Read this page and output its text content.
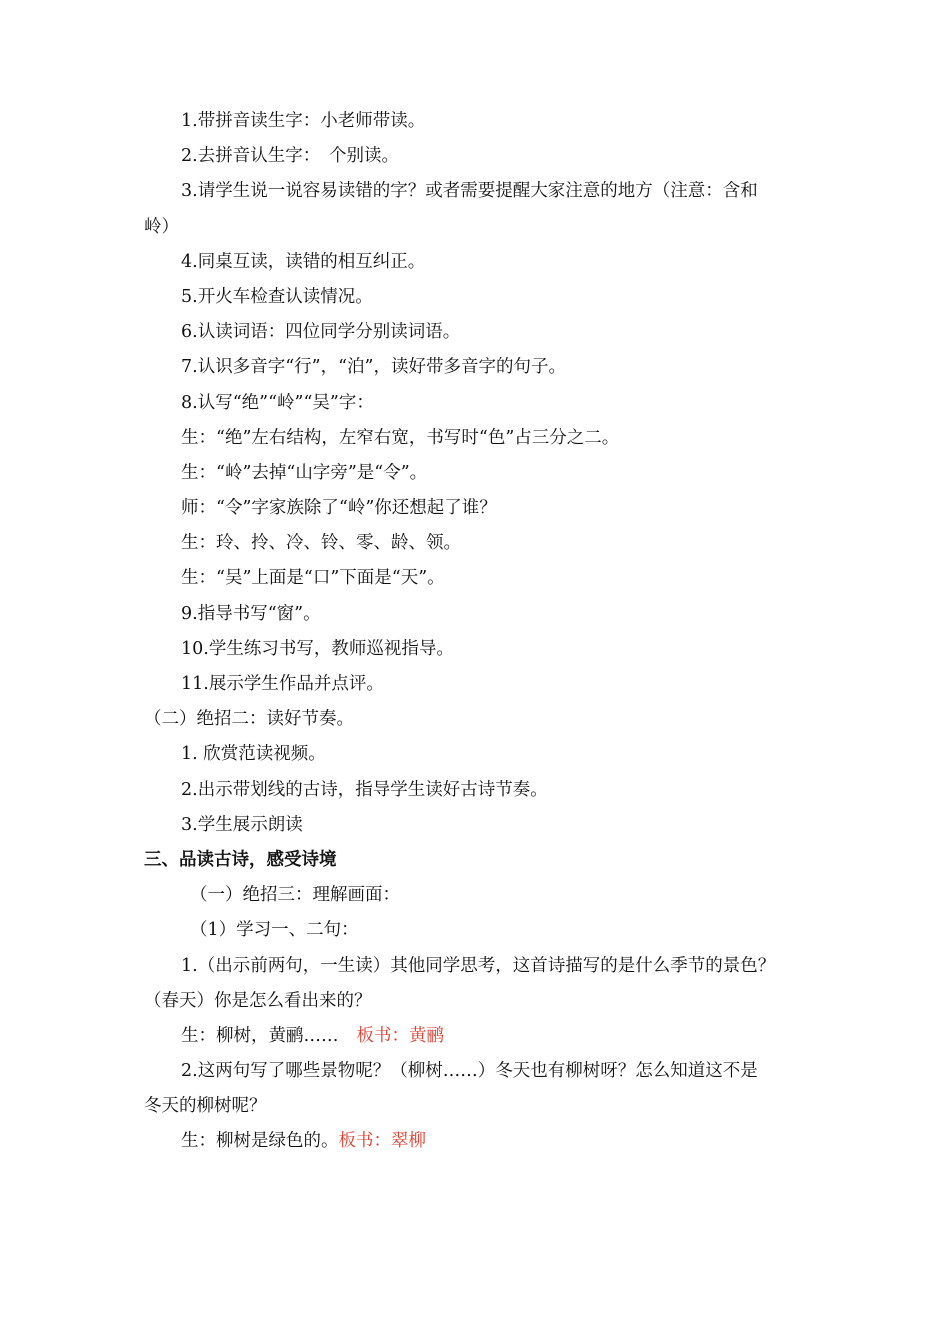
1.带拼音读生字：小老师带读。
2.去拼音认生字：　个别读。
3.请学生说一说容易读错的字？或者需要提醒大家注意的地方（注意：含和
岭）
4.同桌互读，读错的相互纠正。
5.开火车检查认读情况。
6.认读词语：四位同学分别读词语。
7.认识多音字“行”，“泊”，读好带多音字的句子。
8.认写“绝”“岭”“吴”字：
生：“绝”左右结构，左窄右宽，书写时“色”占三分之二。
生：“岭”去掉“山字旁”是“令”。
师：“令”字家族除了“岭”你还想起了谁？
生：玲、拎、冷、铃、零、龄、领。
生：“吴”上面是“口”下面是“天”。
9.指导书写“窗”。
10.学生练习书写，教师巡视指导。
11.展示学生作品并点评。
（二）绝招二：读好节奏。
1. 欣赏范读视频。
2.出示带划线的古诗，指导学生读好古诗节奏。
3.学生展示朗读
三、品读古诗，感受诗境
（一）绝招三：理解画面：
（1）学习一、二句：
1.（出示前两句，一生读）其他同学思考，这首诗描写的是什么季节的景色？
（春天）你是怎么看出来的？
生：柳树，黄鹂…… 板书：黄鹂
2.这两句写了哪些景物呢？（柳树……）冬天也有柳树呀？怎么知道这不是
冬天的柳树呢？
生：柳树是绿色的。板书：翠柳
